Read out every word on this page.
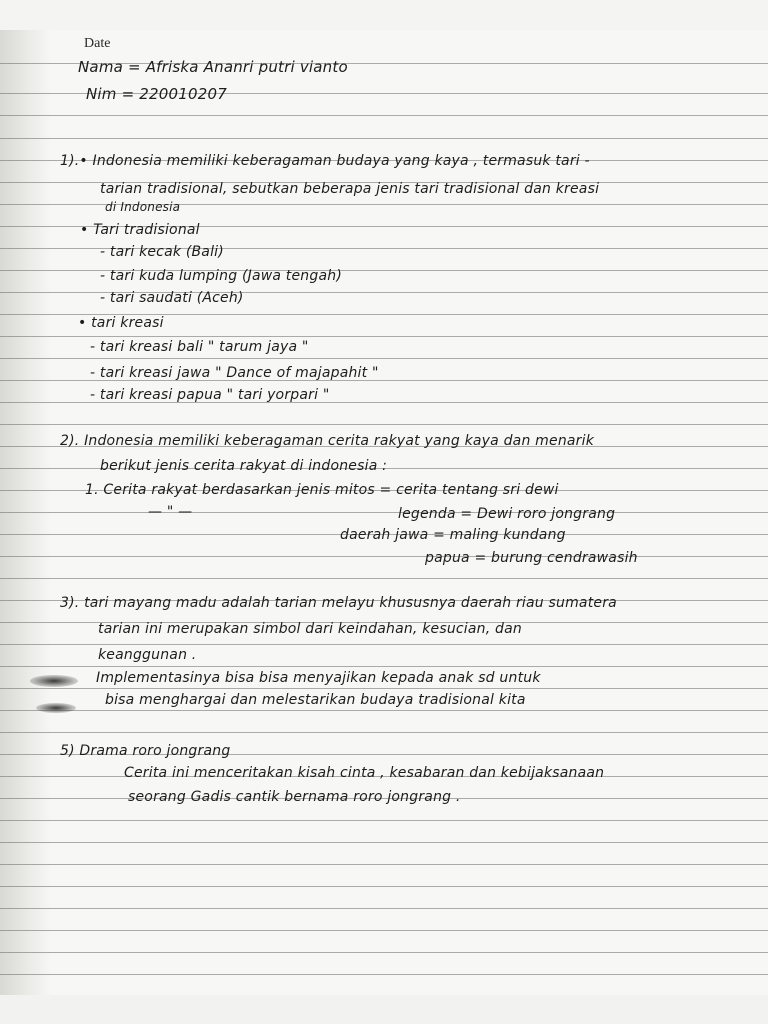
Date
Nama = Afriska Ananri putri vianto
Nim = 220010207
1).• Indonesia memiliki keberagaman budaya yang kaya , termasuk tari -
tarian tradisional, sebutkan beberapa jenis tari tradisional dan kreasi
di Indonesia
• Tari tradisional
- tari kecak (Bali)
- tari kuda lumping (Jawa tengah)
- tari saudati (Aceh)
• tari kreasi
- tari kreasi bali " tarum jaya "
- tari kreasi jawa " Dance of majapahit "
- tari kreasi papua " tari yorpari "
2). Indonesia memiliki keberagaman cerita rakyat yang kaya dan menarik
berikut jenis cerita rakyat di indonesia :
1. Cerita rakyat berdasarkan jenis mitos = cerita tentang sri dewi
— " —	legenda = Dewi roro jongrang
daerah jawa = maling kundang
papua = burung cendrawasih
3). tari mayang madu adalah tarian melayu khususnya daerah riau sumatera
tarian ini merupakan simbol dari keindahan, kesucian, dan
keanggunan .
Implementasinya bisa bisa menyajikan kepada anak sd untuk
bisa menghargai dan melestarikan budaya tradisional kita
5) Drama roro jongrang
Cerita ini menceritakan kisah cinta , kesabaran dan kebijaksanaan
seorang Gadis cantik bernama roro jongrang .
